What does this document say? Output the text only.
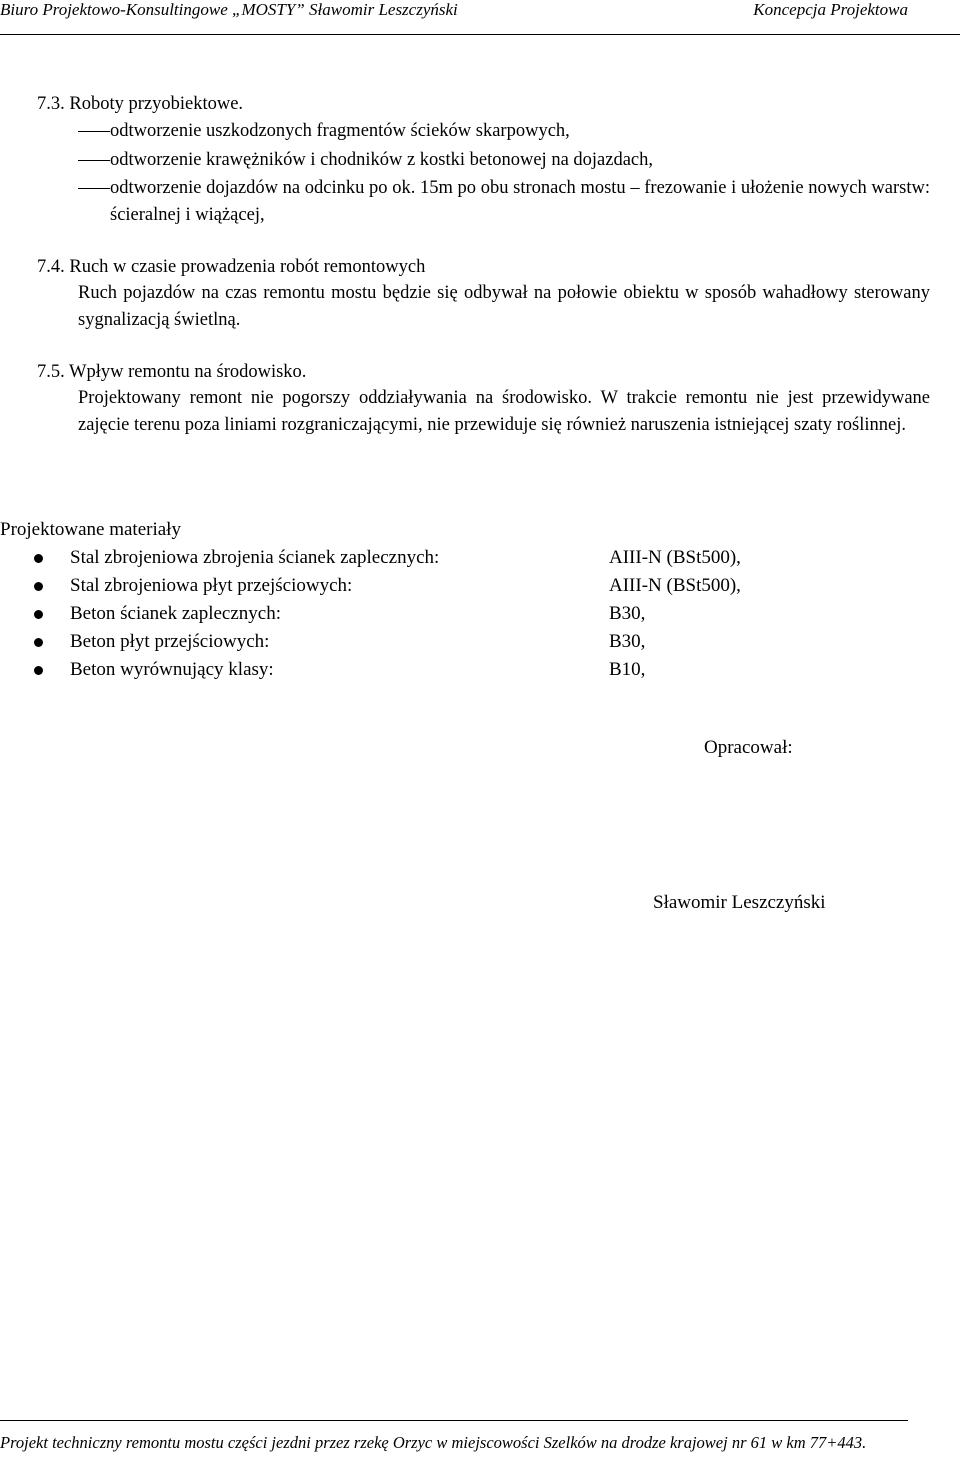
Biuro Projektowo-Konsultingowe „MOSTY” Sławomir Leszczyński	Koncepcja Projektowa
7.3. Roboty przyobiektowe.
odtworzenie uszkodzonych fragmentów ścieków skarpowych,
odtworzenie krawężników i chodników z kostki betonowej na dojazdach,
odtworzenie dojazdów na odcinku po ok. 15m po obu stronach mostu – frezowanie i ułożenie nowych warstw: ścieralnej i wiążącej,
7.4. Ruch w czasie prowadzenia robót remontowych
Ruch pojazdów na czas remontu mostu będzie się odbywał na połowie obiektu w sposób wahadłowy sterowany sygnalizacją świetlną.
7.5. Wpływ remontu na środowisko.
Projektowany remont nie pogorszy oddziaływania na środowisko. W trakcie remontu nie jest przewidywane zajęcie terenu poza liniami rozgraniczającymi, nie przewiduje się również naruszenia istniejącej szaty roślinnej.
Projektowane materiały
Stal zbrojeniowa zbrojenia ścianek zaplecznych:	AIII-N (BSt500),
Stal zbrojeniowa płyt przejściowych:	AIII-N (BSt500),
Beton ścianek zaplecznych:	B30,
Beton płyt przejściowych:	B30,
Beton wyrównujący klasy:	B10,
Opracował:
Sławomir Leszczyński
Projekt techniczny remontu mostu części jezdni przez rzekę Orzyc w miejscowości Szelków na drodze krajowej nr 61 w km 77+443.
